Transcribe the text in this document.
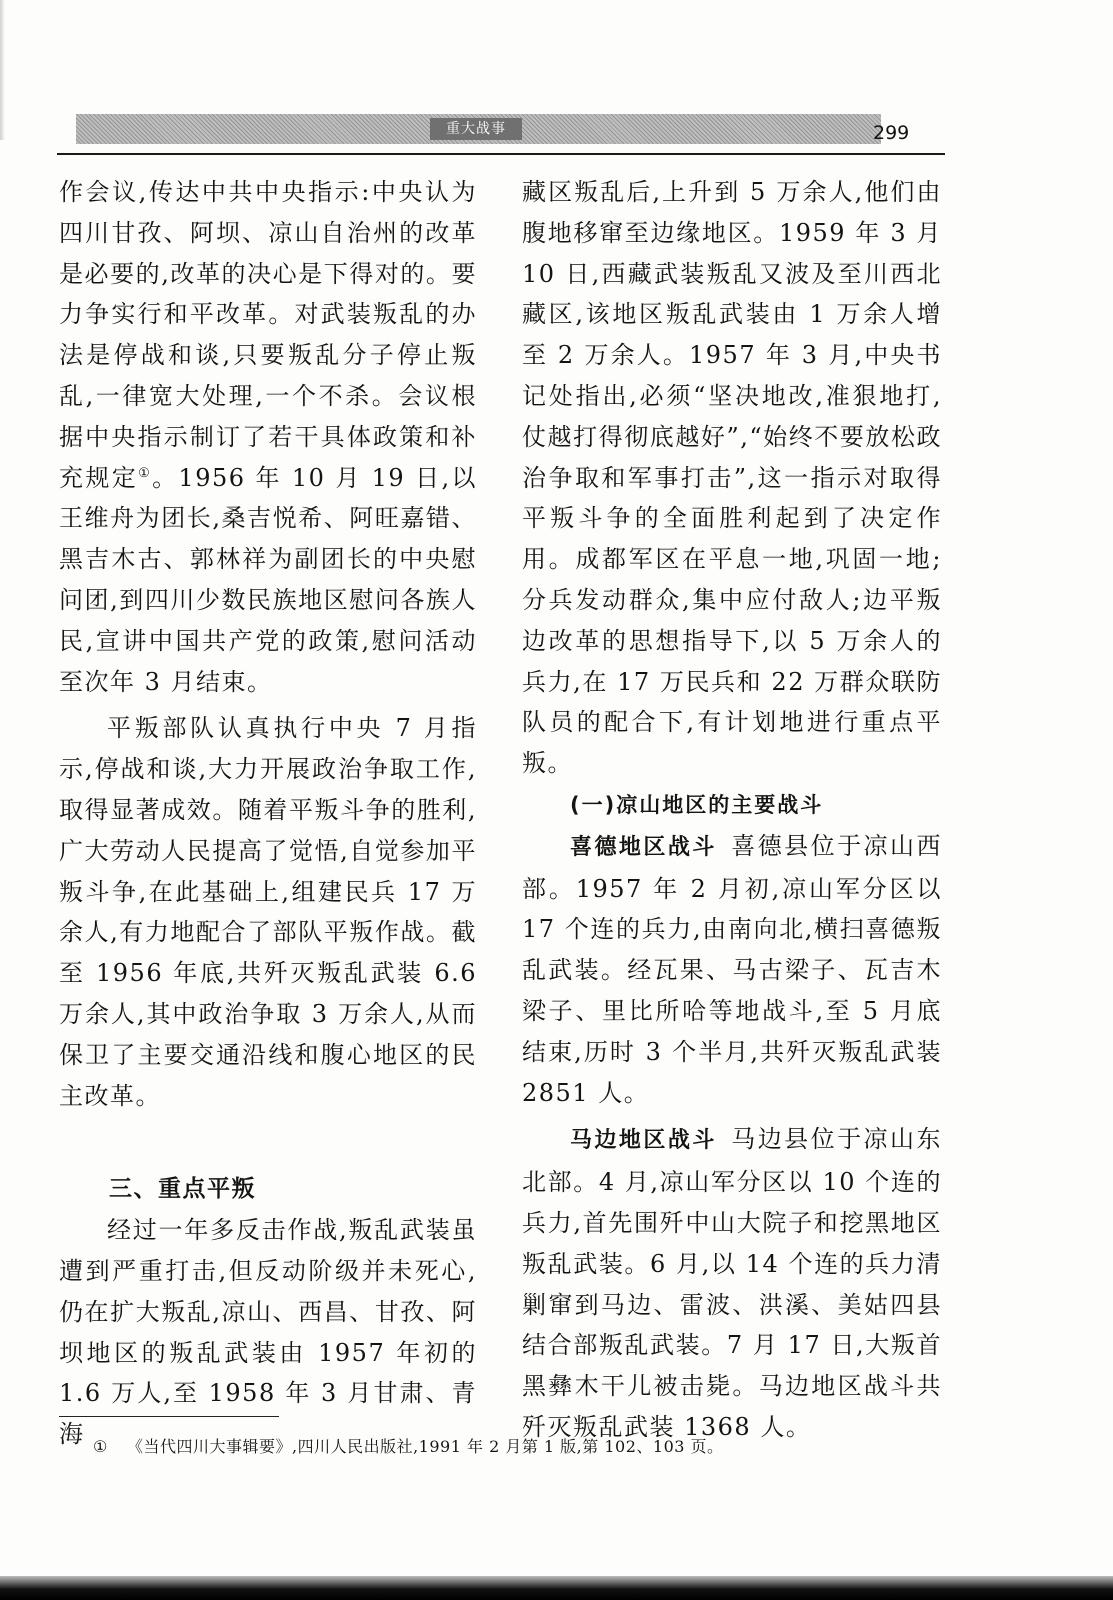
重大战事	299

作会议,传达中共中央指示:中央认为四川甘孜、阿坝、凉山自治州的改革是必要的,改革的决心是下得对的。要力争实行和平改革。对武装叛乱的办法是停战和谈,只要叛乱分子停止叛乱,一律宽大处理,一个不杀。会议根据中央指示制订了若干具体政策和补充规定①。1956 年 10 月 19 日,以王维舟为团长,桑吉悦希、阿旺嘉错、黑吉木古、郭林祥为副团长的中央慰问团,到四川少数民族地区慰问各族人民,宣讲中国共产党的政策,慰问活动至次年 3 月结束。

平叛部队认真执行中央 7 月指示,停战和谈,大力开展政治争取工作,取得显著成效。随着平叛斗争的胜利,广大劳动人民提高了觉悟,自觉参加平叛斗争,在此基础上,组建民兵 17 万余人,有力地配合了部队平叛作战。截至 1956 年底,共歼灭叛乱武装 6.6 万余人,其中政治争取 3 万余人,从而保卫了主要交通沿线和腹心地区的民主改革。

三、重点平叛

经过一年多反击作战,叛乱武装虽遭到严重打击,但反动阶级并未死心,仍在扩大叛乱,凉山、西昌、甘孜、阿坝地区的叛乱武装由 1957 年初的 1.6 万人,至 1958 年 3 月甘肃、青海

藏区叛乱后,上升到 5 万余人,他们由腹地移窜至边缘地区。1959 年 3 月 10 日,西藏武装叛乱又波及至川西北藏区,该地区叛乱武装由 1 万余人增至 2 万余人。1957 年 3 月,中央书记处指出,必须“坚决地改,准狠地打,仗越打得彻底越好”,“始终不要放松政治争取和军事打击”,这一指示对取得平叛斗争的全面胜利起到了决定作用。成都军区在平息一地,巩固一地;分兵发动群众,集中应付敌人;边平叛边改革的思想指导下,以 5 万余人的兵力,在 17 万民兵和 22 万群众联防队员的配合下,有计划地进行重点平叛。

(一)凉山地区的主要战斗

喜德地区战斗  喜德县位于凉山西部。1957 年 2 月初,凉山军分区以 17 个连的兵力,由南向北,横扫喜德叛乱武装。经瓦果、马古梁子、瓦吉木梁子、里比所哈等地战斗,至 5 月底结束,历时 3 个半月,共歼灭叛乱武装 2851 人。

马边地区战斗  马边县位于凉山东北部。4 月,凉山军分区以 10 个连的兵力,首先围歼中山大院子和挖黑地区叛乱武装。6 月,以 14 个连的兵力清剿窜到马边、雷波、洪溪、美姑四县结合部叛乱武装。7 月 17 日,大叛首黑彝木干儿被击毙。马边地区战斗共歼灭叛乱武装 1368 人。

① 《当代四川大事辑要》,四川人民出版社,1991 年 2 月第 1 版,第 102、103 页。
